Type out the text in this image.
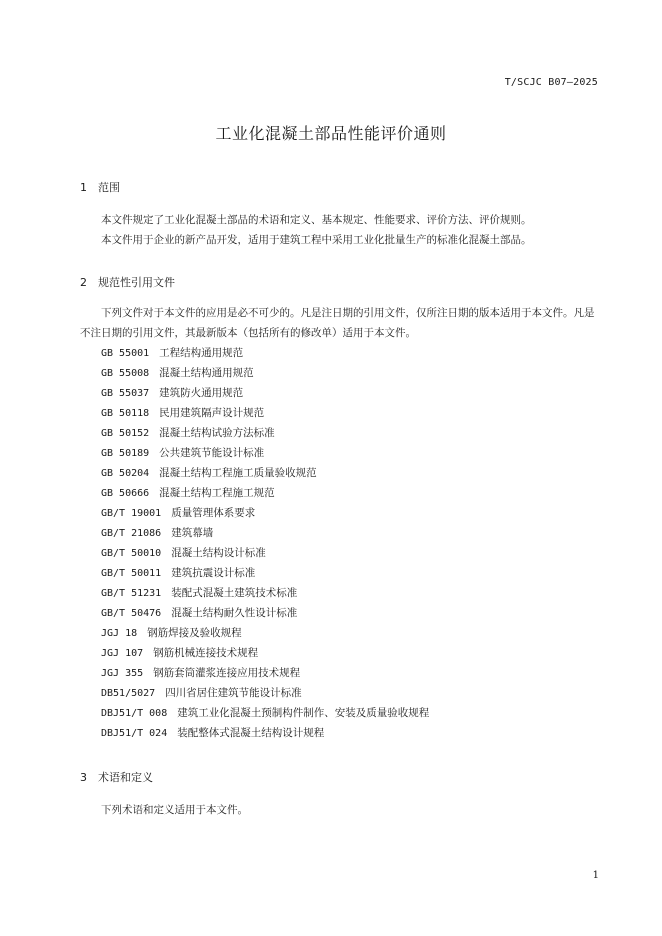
T/SCJC B07—2025
工业化混凝土部品性能评价通则
1 范围
本文件规定了工业化混凝土部品的术语和定义、基本规定、性能要求、评价方法、评价规则。
本文件用于企业的新产品开发，适用于建筑工程中采用工业化批量生产的标准化混凝土部品。
2 规范性引用文件

下列文件对于本文件的应用是必不可少的。凡是注日期的引用文件，仅所注日期的版本适用于本文件。凡是不注日期的引用文件，其最新版本（包括所有的修改单）适用于本文件。

GB 55001 工程结构通用规范
GB 55008 混凝土结构通用规范
GB 55037 建筑防火通用规范
GB 50118 民用建筑隔声设计规范
GB 50152 混凝土结构试验方法标准
GB 50189 公共建筑节能设计标准
GB 50204 混凝土结构工程施工质量验收规范
GB 50666 混凝土结构工程施工规范
GB/T 19001 质量管理体系要求
GB/T 21086 建筑幕墙
GB/T 50010 混凝土结构设计标准
GB/T 50011 建筑抗震设计标准
GB/T 51231 装配式混凝土建筑技术标准
GB/T 50476 混凝土结构耐久性设计标准
JGJ 18 钢筋焊接及验收规程
JGJ 107 钢筋机械连接技术规程
JGJ 355 钢筋套筒灌浆连接应用技术规程
DB51/5027 四川省居住建筑节能设计标准
DBJ51/T 008 建筑工业化混凝土预制构件制作、安装及质量验收规程
DBJ51/T 024 装配整体式混凝土结构设计规程
3 术语和定义
下列术语和定义适用于本文件。
1
